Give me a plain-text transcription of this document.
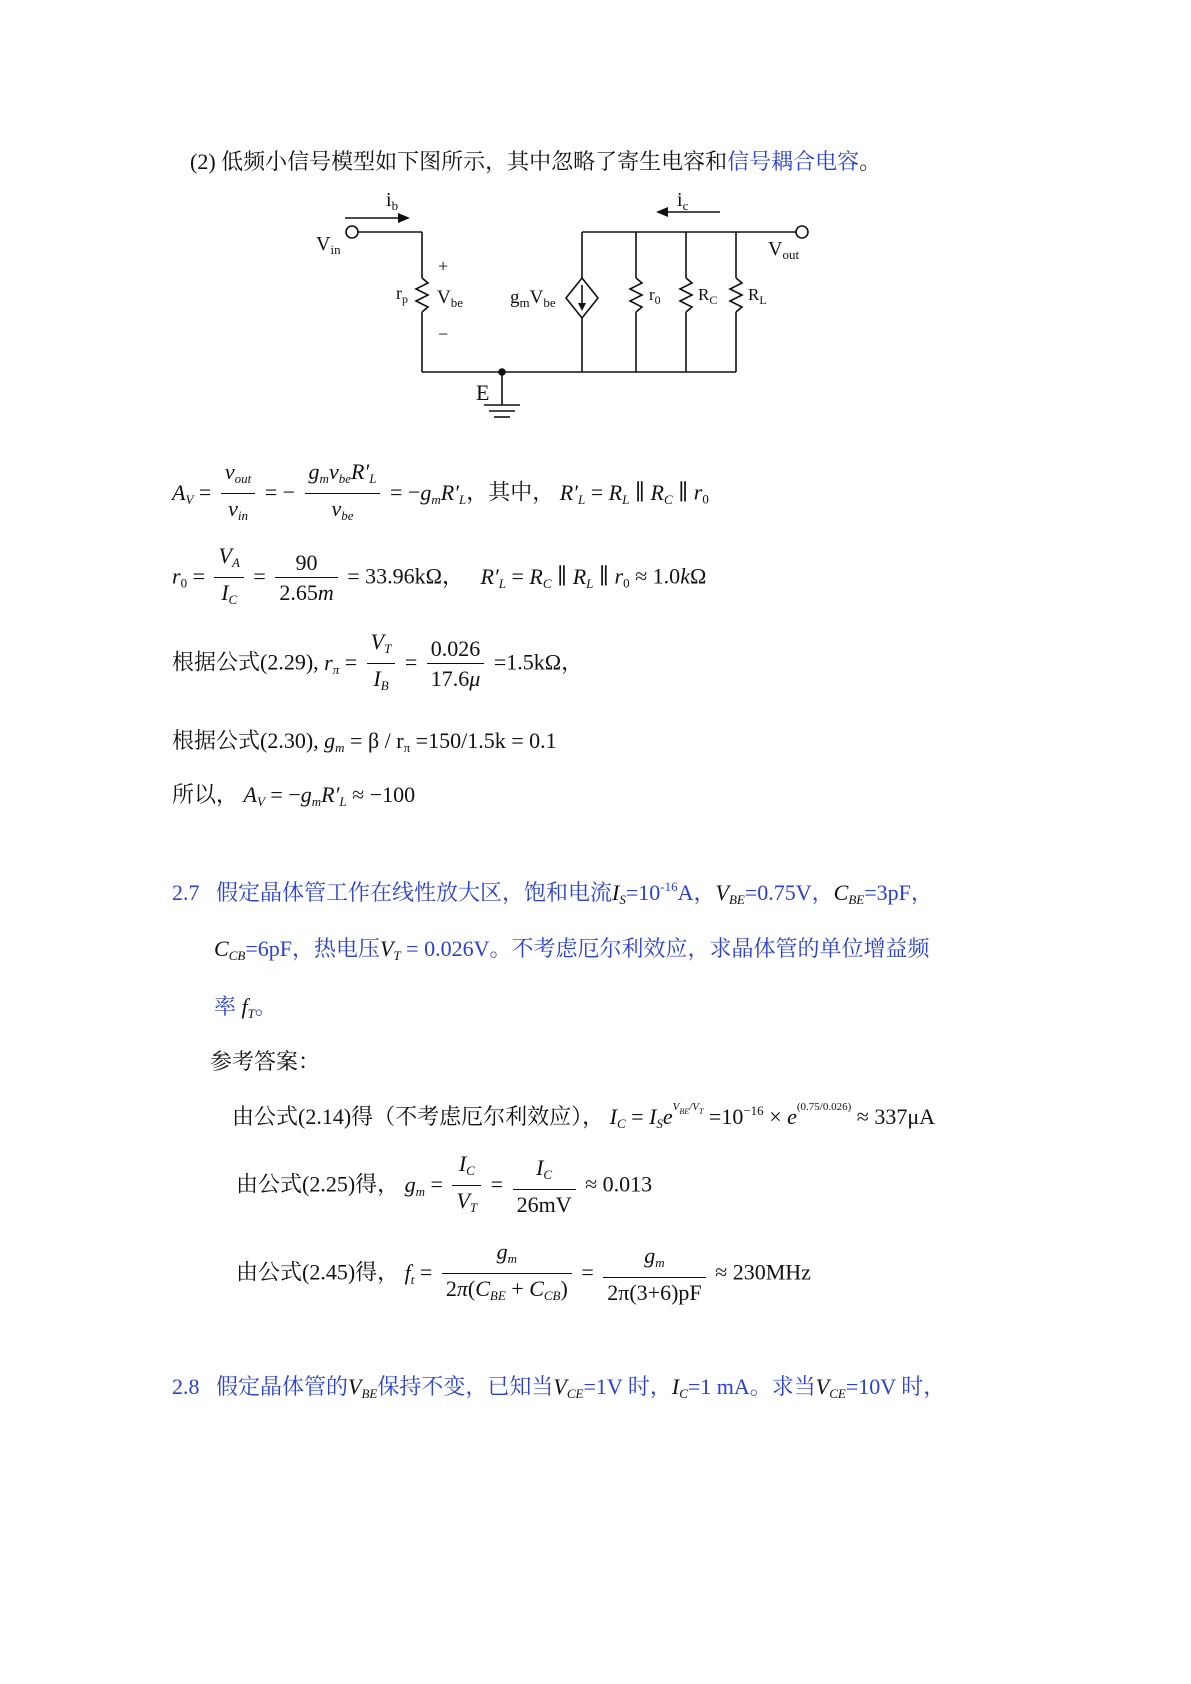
(2) 低频小信号模型如下图所示，其中忽略了寄生电容和信号耦合电容。
$i_b$	$i_c$
$V_{in}$	$V_{out}$
$r_p$
+
$V_{be}$
−
$g_mV_{be}$	$r_0$ $R_C$ $R_L$
E
$A_V = \frac{v_{out}}{v_{in}}$ = − $\frac{g_mv_{be}R'_L}{v_{be}} = -g_mR'_L$，其中， $R'_L = R_L$ ∥ $R_C$ ∥ $r_0$
$r_0 = \frac{V_A}{I_C} = \frac{90}{2.65m} = 33.96k\Omega$， $R'_L = R_C$ ∥ $R_L$ ∥ $r_0 \approx 1.0k\Omega$
根据公式(2.29), $r_\pi = \frac{V_T}{I_B} = \frac{0.026}{17.6\mu} =1.5k\Omega$，
根据公式(2.30), $g_m = \beta / r_\pi =150/1.5k = 0.1$
所以， $A_V = -g_mR'_L \approx -100$
2.7 假定晶体管工作在线性放大区，饱和电流$I_S=10^{-16}A$，$V_{BE}=0.75V$，$C_{BE}=3pF$，
$C_{CB}=6pF$，热电压$V_T = 0.026V$。不考虑厄尔利效应，求晶体管的单位增益频
率 $f_T$。
参考答案：
由公式(2.14)得（不考虑厄尔利效应）， $I_C = I_Se^{V_{BE}/V_T} =10^{-16} \times e^{(0.75/0.026)} \approx 337\mu A$
由公式(2.25)得， $g_m = \frac{I_C}{V_T} = \frac{I_C}{26mV} \approx 0.013$
由公式(2.45)得， $f_t = \frac{g_m}{2\pi(C_{BE} + C_{CB})} = \frac{g_m}{2\pi(3+6)pF} \approx 230MHz$
2.8 假定晶体管的$V_{BE}$保持不变，已知当$V_{CE}=1V$ 时，$I_C=1$ mA。求当$V_{CE}=10V$ 时，
